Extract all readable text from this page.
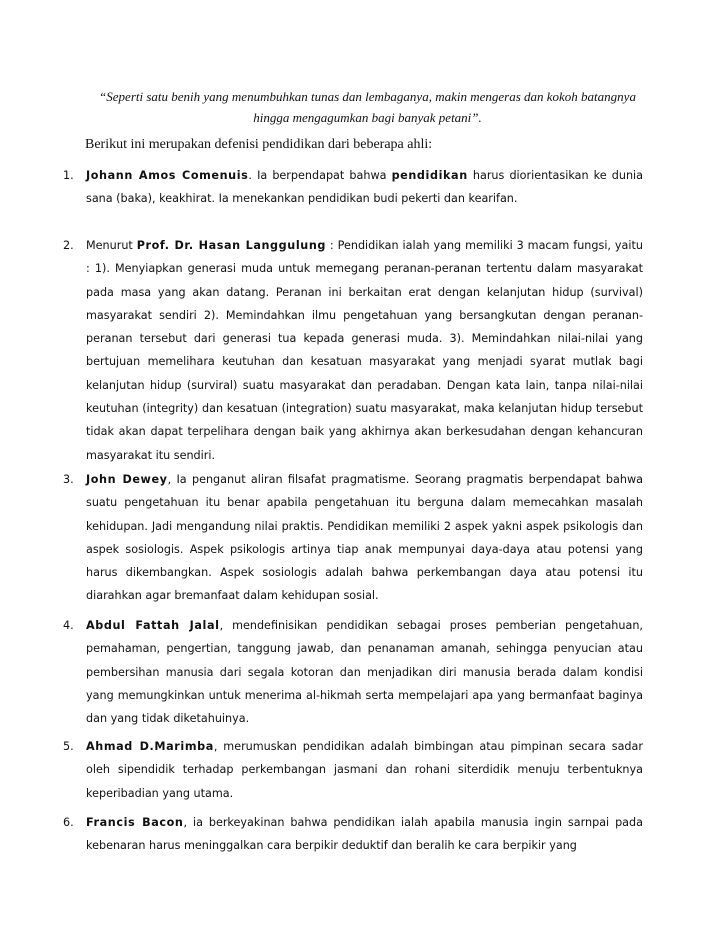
“Seperti satu benih yang menumbuhkan tunas dan lembaganya, makin mengeras dan kokoh batangnya hingga mengagumkan bagi banyak petani”.

Berikut ini merupakan defenisi pendidikan dari beberapa ahli:

1. Johann Amos Comenuis. Ia berpendapat bahwa pendidikan harus diorientasikan ke dunia sana (baka), keakhirat. Ia menekankan pendidikan budi pekerti dan kearifan.
2. Menurut Prof. Dr. Hasan Langgulung : Pendidikan ialah yang memiliki 3 macam fungsi, yaitu : 1). Menyiapkan generasi muda untuk memegang peranan-peranan tertentu dalam masyarakat pada masa yang akan datang. Peranan ini berkaitan erat dengan kelanjutan hidup (survival) masyarakat sendiri 2). Memindahkan ilmu pengetahuan yang bersangkutan dengan peranan-peranan tersebut dari generasi tua kepada generasi muda. 3). Memindahkan nilai-nilai yang bertujuan memelihara keutuhan dan kesatuan masyarakat yang menjadi syarat mutlak bagi kelanjutan hidup (surviral) suatu masyarakat dan peradaban. Dengan kata lain, tanpa nilai-nilai keutuhan (integrity) dan kesatuan (integration) suatu masyarakat, maka kelanjutan hidup tersebut tidak akan dapat terpelihara dengan baik yang akhirnya akan berkesudahan dengan kehancuran masyarakat itu sendiri.
3. John Dewey, Ia penganut aliran filsafat pragmatisme. Seorang pragmatis berpendapat bahwa suatu pengetahuan itu benar apabila pengetahuan itu berguna dalam memecahkan masalah kehidupan. Jadi mengandung nilai praktis. Pendidikan memiliki 2 aspek yakni aspek psikologis dan aspek sosiologis. Aspek psikologis artinya tiap anak mempunyai daya-daya atau potensi yang harus dikembangkan. Aspek sosiologis adalah bahwa perkembangan daya atau potensi itu diarahkan agar bremanfaat dalam kehidupan sosial.
4. Abdul Fattah Jalal, mendefinisikan pendidikan sebagai proses pemberian pengetahuan, pemahaman, pengertian, tanggung jawab, dan penanaman amanah, sehingga penyucian atau pembersihan manusia dari segala kotoran dan menjadikan diri manusia berada dalam kondisi yang memungkinkan untuk menerima al-hikmah serta mempelajari apa yang bermanfaat baginya dan yang tidak diketahuinya.
5. Ahmad D.Marimba, merumuskan pendidikan adalah bimbingan atau pimpinan secara sadar oleh sipendidik terhadap perkembangan jasmani dan rohani siterdidik menuju terbentuknya keperibadian yang utama.
6. Francis Bacon, ia berkeyakinan bahwa pendidikan ialah apabila manusia ingin sarnpai pada kebenaran harus meninggalkan cara berpikir deduktif dan beralih ke cara berpikir yang
